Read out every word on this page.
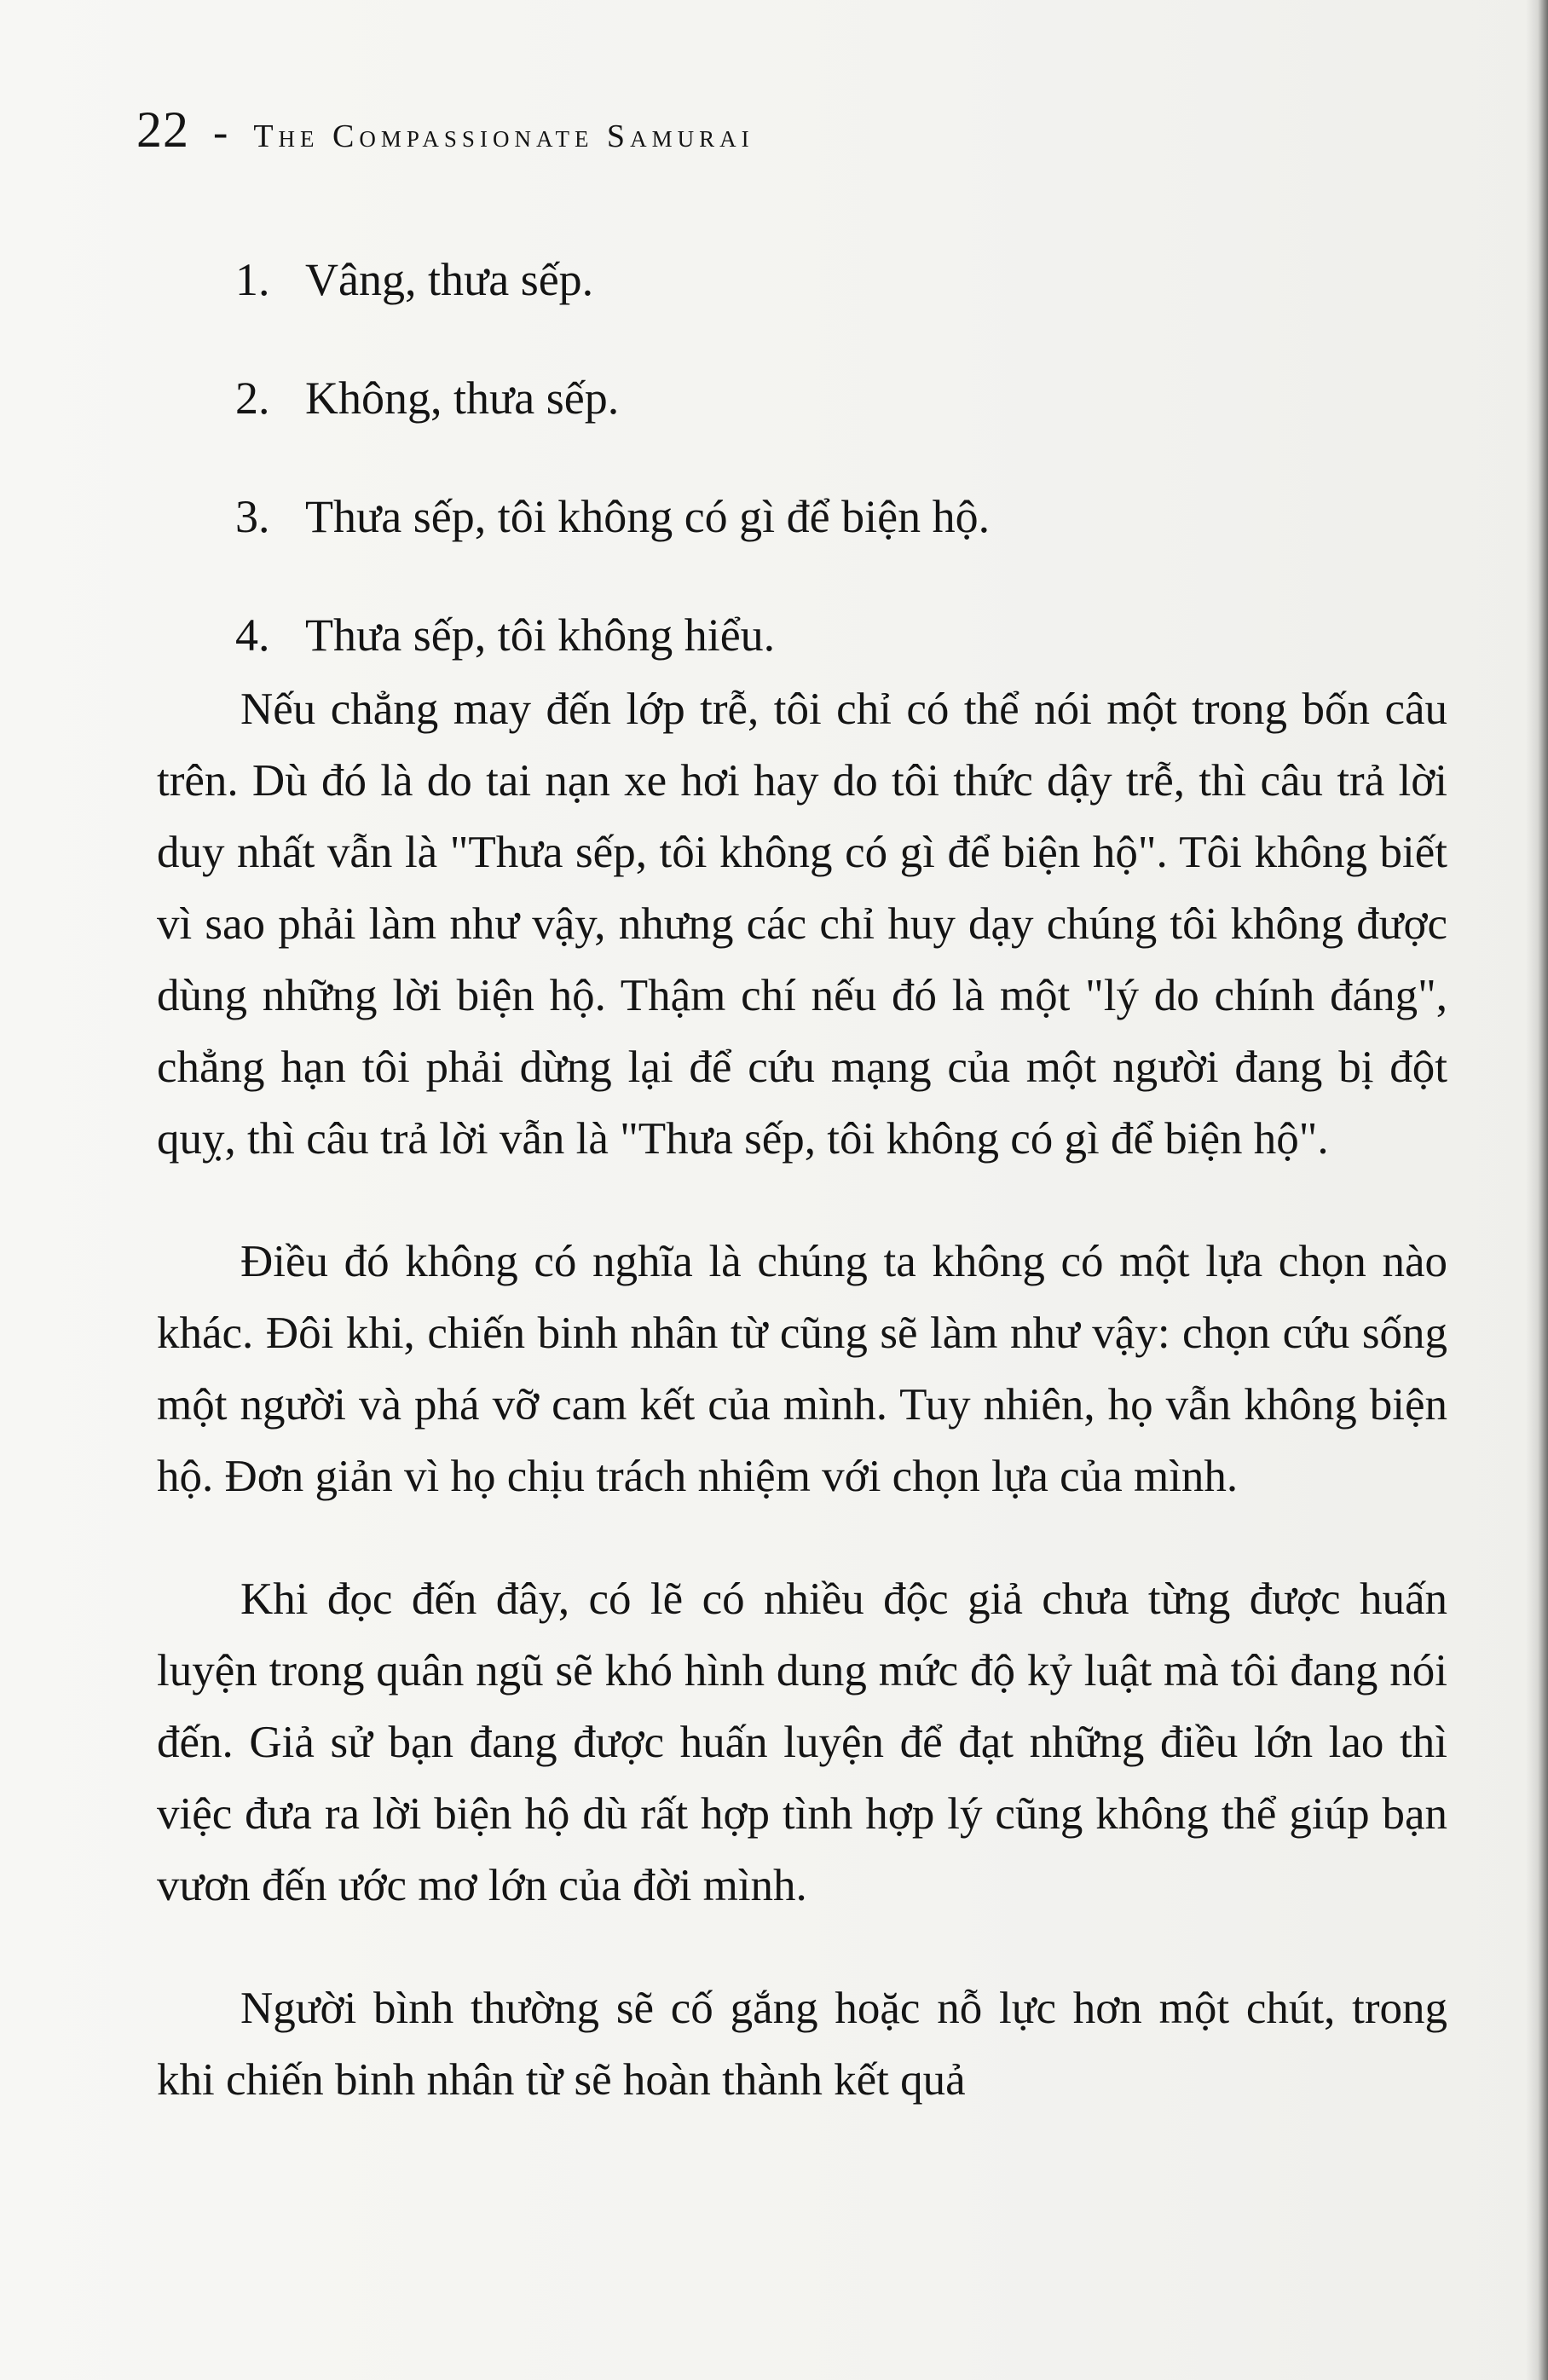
22 - The Compassionate Samurai
1. Vâng, thưa sếp.
2. Không, thưa sếp.
3. Thưa sếp, tôi không có gì để biện hộ.
4. Thưa sếp, tôi không hiểu.

Nếu chẳng may đến lớp trễ, tôi chỉ có thể nói một trong bốn câu trên. Dù đó là do tai nạn xe hơi hay do tôi thức dậy trễ, thì câu trả lời duy nhất vẫn là "Thưa sếp, tôi không có gì để biện hộ". Tôi không biết vì sao phải làm như vậy, nhưng các chỉ huy dạy chúng tôi không được dùng những lời biện hộ. Thậm chí nếu đó là một "lý do chính đáng", chẳng hạn tôi phải dừng lại để cứu mạng của một người đang bị đột quỵ, thì câu trả lời vẫn là "Thưa sếp, tôi không có gì để biện hộ".

Điều đó không có nghĩa là chúng ta không có một lựa chọn nào khác. Đôi khi, chiến binh nhân từ cũng sẽ làm như vậy: chọn cứu sống một người và phá vỡ cam kết của mình. Tuy nhiên, họ vẫn không biện hộ. Đơn giản vì họ chịu trách nhiệm với chọn lựa của mình.

Khi đọc đến đây, có lẽ có nhiều độc giả chưa từng được huấn luyện trong quân ngũ sẽ khó hình dung mức độ kỷ luật mà tôi đang nói đến. Giả sử bạn đang được huấn luyện để đạt những điều lớn lao thì việc đưa ra lời biện hộ dù rất hợp tình hợp lý cũng không thể giúp bạn vươn đến ước mơ lớn của đời mình.

Người bình thường sẽ cố gắng hoặc nỗ lực hơn một chút, trong khi chiến binh nhân từ sẽ hoàn thành kết quả
